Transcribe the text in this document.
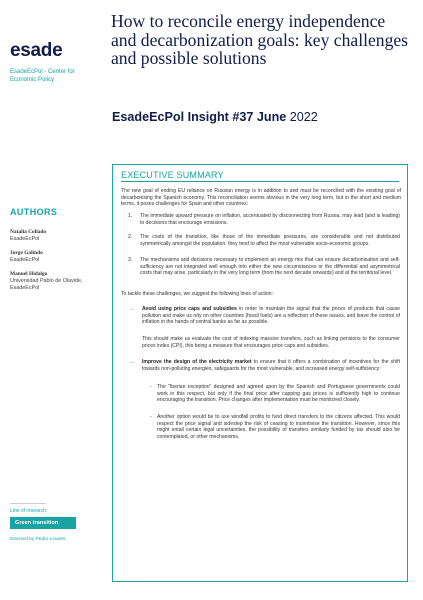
esade
EsadeEcPol - Center for Economic Policy
AUTHORS
Natalia Collado
EsadeEcPol
Jorge Galindo
EsadeEcPol
Manuel Hidalgo
Universidad Pablo de Olavide, EsadeEcPol
Line of research:
Green transition
Directed by Pedro Linares
How to reconcile energy independence and decarbonization goals: key challenges and possible solutions
EsadeEcPol Insight #37 June 2022
EXECUTIVE SUMMARY
The new goal of ending EU reliance on Russian energy is in addition to and must be reconciled with the existing goal of decarbonising the Spanish economy. This reconciliation seems obvious in the very long term, but in the short and medium terms, it poses challenges for Spain and other countries:
1. The immediate upward pressure on inflation, accentuated by disconnecting from Russia, may lead (and is leading) to decisions that encourage emissions.
2. The costs of the transition, like those of the immediate pressures, are considerable and not distributed symmetrically amongst the population: they tend to affect the most vulnerable socio-economic groups.
3. The mechanisms and decisions necessary to implement an energy mix that can ensure decarbonisation and self-sufficiency are not integrated well enough into either the new circumstances or the differential and asymmetrical costs that may arise, particularly in the very long term (from the next decade onwards) and at the territorial level.
To tackle these challenges, we suggest the following lines of action:
→ Avoid using price caps and subsidies in order to maintain the signal that the prices of products that cause pollution and make us rely on other countries (fossil fuels) are a reflection of these issues, and leave the control of inflation in the hands of central banks as far as possible.
This should make us evaluate the cost of indexing massive transfers, such as linking pensions to the consumer prices index (CPI), this being a measure that encourages price caps and subsidies.
→ Improve the design of the electricity market to ensure that it offers a combination of incentives for the shift towards non-polluting energies, safeguards for the most vulnerable, and increased energy self-sufficiency:
- The "Iberian exception" designed and agreed upon by the Spanish and Portuguese governments could work in this respect, but only if the final price after capping gas prices is sufficiently high to continue encouraging the transition. Price changes after implementation must be monitored closely.
- Another option would be to use windfall profits to fund direct transfers to the citizens affected. This would respect the price signal and sidestep the risk of ceasing to incentivise the transition. However, since this might entail certain legal uncertainties, the possibility of transfers similarly funded by tax should also be contemplated, or other mechanisms.
